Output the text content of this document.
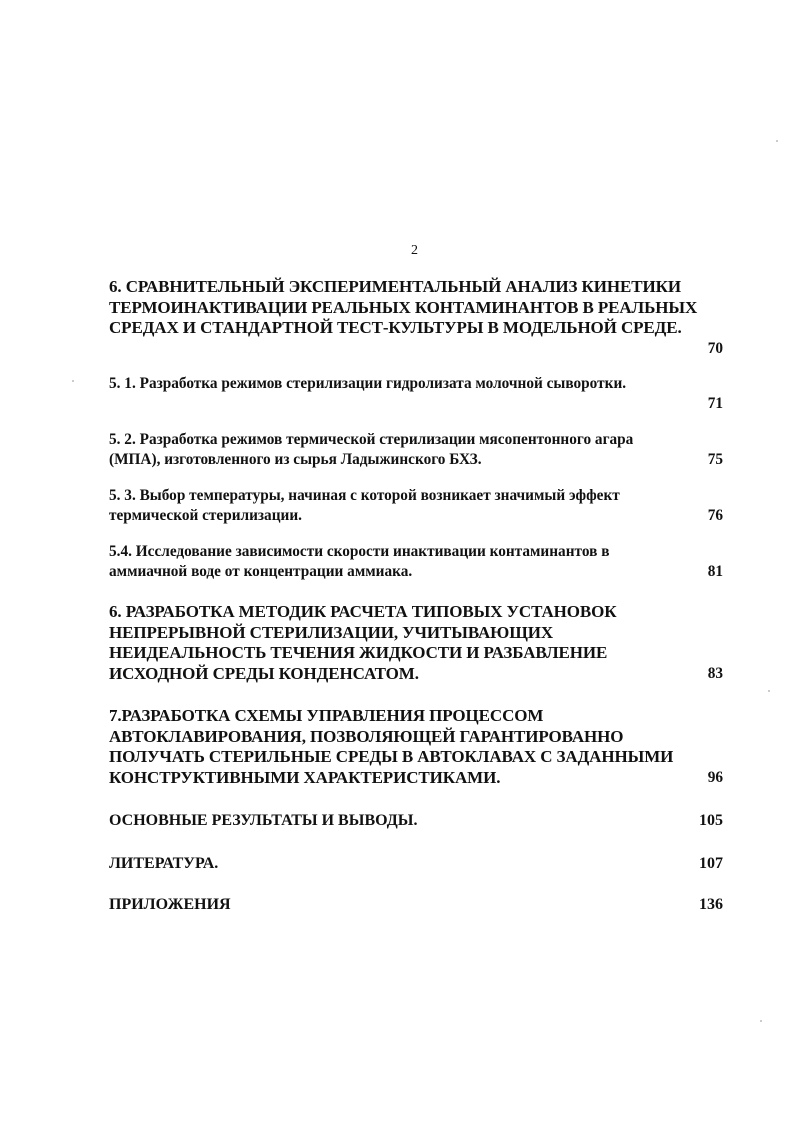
2
6. СРАВНИТЕЛЬНЫЙ ЭКСПЕРИМЕНТАЛЬНЫЙ АНАЛИЗ КИНЕТИКИ
ТЕРМОИНАКТИВАЦИИ РЕАЛЬНЫХ КОНТАМИНАНТОВ В РЕАЛЬНЫХ
СРЕДАХ И СТАНДАРТНОЙ ТЕСТ-КУЛЬТУРЫ В МОДЕЛЬНОЙ СРЕДЕ.
70
5. 1. Разработка режимов стерилизации гидролизата молочной сыворотки.
71
5. 2. Разработка режимов термической стерилизации мясопентонного агара
(МПА), изготовленного из сырья Ладыжинского БХЗ.	75
5. 3. Выбор температуры, начиная с которой возникает значимый эффект
термической стерилизации.	76
5.4. Исследование зависимости скорости инактивации контаминантов в
аммиачной воде от концентрации аммиака.	81
6. РАЗРАБОТКА МЕТОДИК РАСЧЕТА ТИПОВЫХ УСТАНОВОК
НЕПРЕРЫВНОЙ СТЕРИЛИЗАЦИИ, УЧИТЫВАЮЩИХ
НЕИДЕАЛЬНОСТЬ ТЕЧЕНИЯ ЖИДКОСТИ И РАЗБАВЛЕНИЕ
ИСХОДНОЙ СРЕДЫ КОНДЕНСАТОМ.	83
7.РАЗРАБОТКА СХЕМЫ УПРАВЛЕНИЯ ПРОЦЕССОМ
АВТОКЛАВИРОВАНИЯ, ПОЗВОЛЯЮЩЕЙ ГАРАНТИРОВАННО
ПОЛУЧАТЬ СТЕРИЛЬНЫЕ СРЕДЫ В АВТОКЛАВАХ С ЗАДАННЫМИ
КОНСТРУКТИВНЫМИ ХАРАКТЕРИСТИКАМИ.	96
ОСНОВНЫЕ РЕЗУЛЬТАТЫ И ВЫВОДЫ.	105
ЛИТЕРАТУРА.	107
ПРИЛОЖЕНИЯ	136
